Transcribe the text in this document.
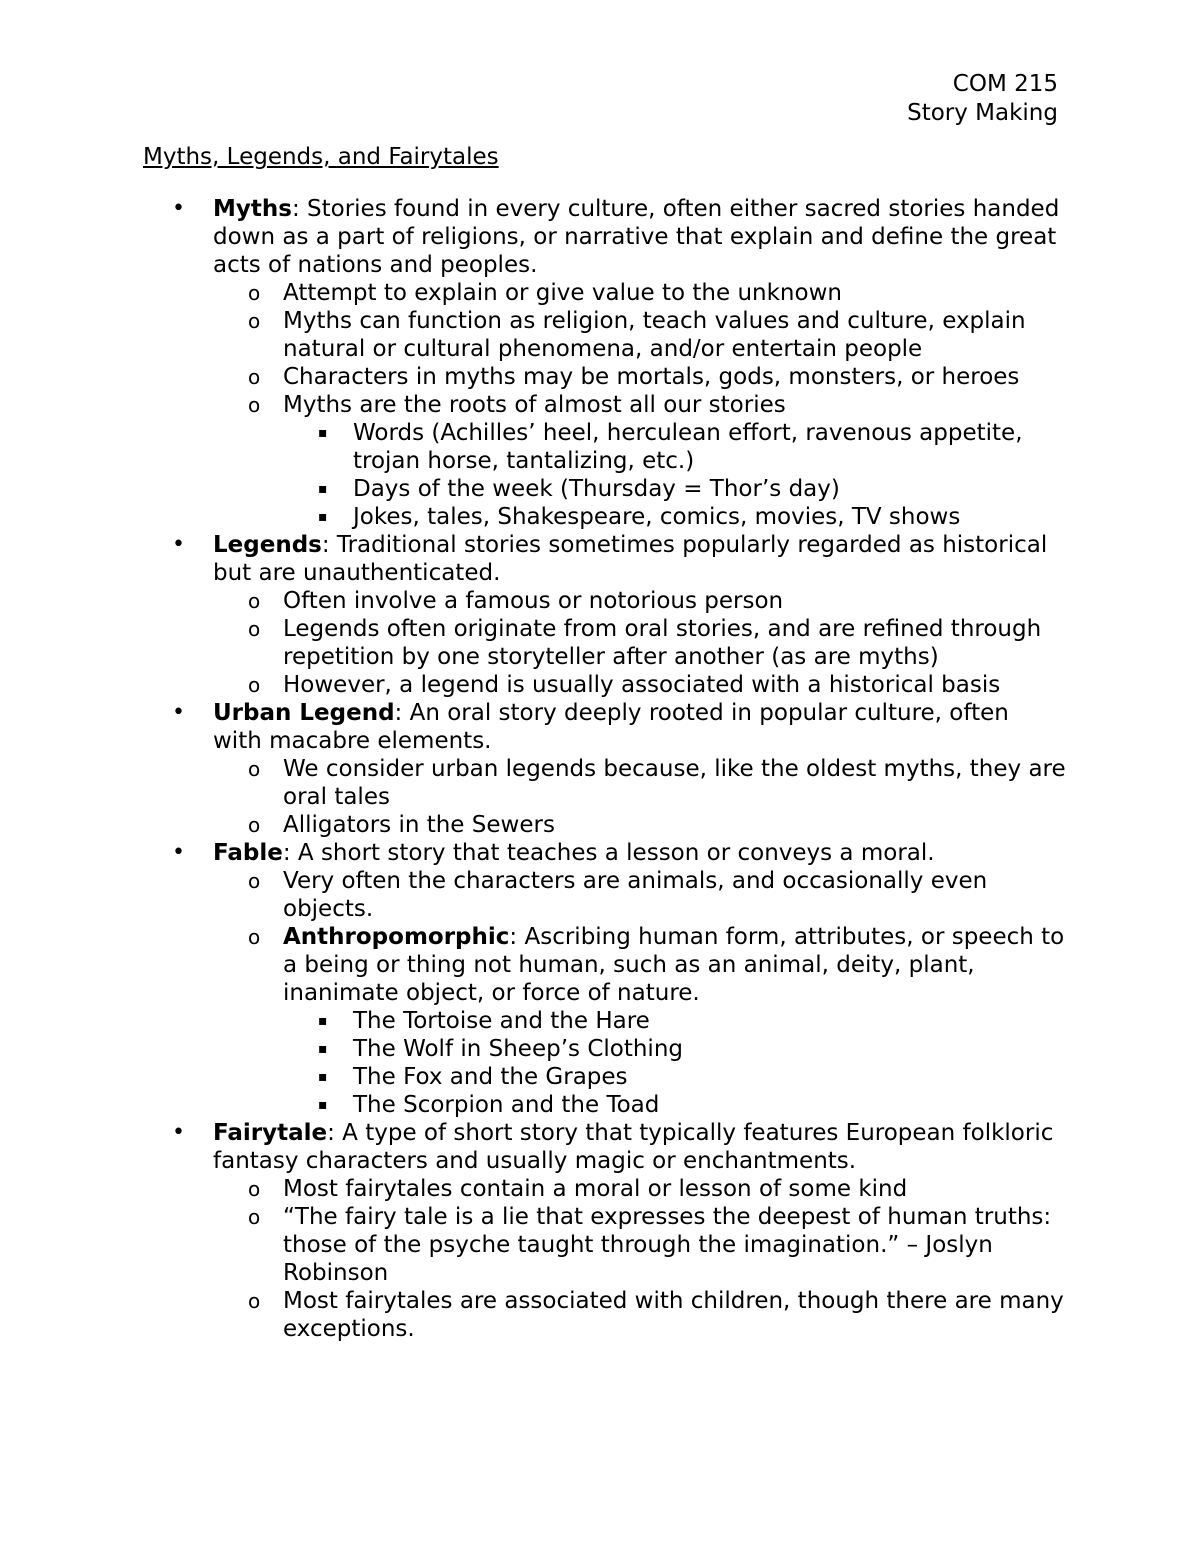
COM 215
Story Making
Myths, Legends, and Fairytales
• Myths: Stories found in every culture, often either sacred stories handed down as a part of religions, or narrative that explain and define the great acts of nations and peoples.
o Attempt to explain or give value to the unknown
o Myths can function as religion, teach values and culture, explain natural or cultural phenomena, and/or entertain people
o Characters in myths may be mortals, gods, monsters, or heroes
o Myths are the roots of almost all our stories
▪ Words (Achilles’ heel, herculean effort, ravenous appetite, trojan horse, tantalizing, etc.)
▪ Days of the week (Thursday = Thor’s day)
▪ Jokes, tales, Shakespeare, comics, movies, TV shows
• Legends: Traditional stories sometimes popularly regarded as historical but are unauthenticated.
o Often involve a famous or notorious person
o Legends often originate from oral stories, and are refined through repetition by one storyteller after another (as are myths)
o However, a legend is usually associated with a historical basis
• Urban Legend: An oral story deeply rooted in popular culture, often with macabre elements.
o We consider urban legends because, like the oldest myths, they are oral tales
o Alligators in the Sewers
• Fable: A short story that teaches a lesson or conveys a moral.
o Very often the characters are animals, and occasionally even objects.
o Anthropomorphic: Ascribing human form, attributes, or speech to a being or thing not human, such as an animal, deity, plant, inanimate object, or force of nature.
▪ The Tortoise and the Hare
▪ The Wolf in Sheep’s Clothing
▪ The Fox and the Grapes
▪ The Scorpion and the Toad
• Fairytale: A type of short story that typically features European folkloric fantasy characters and usually magic or enchantments.
o Most fairytales contain a moral or lesson of some kind
o “The fairy tale is a lie that expresses the deepest of human truths: those of the psyche taught through the imagination.” – Joslyn Robinson
o Most fairytales are associated with children, though there are many exceptions.
